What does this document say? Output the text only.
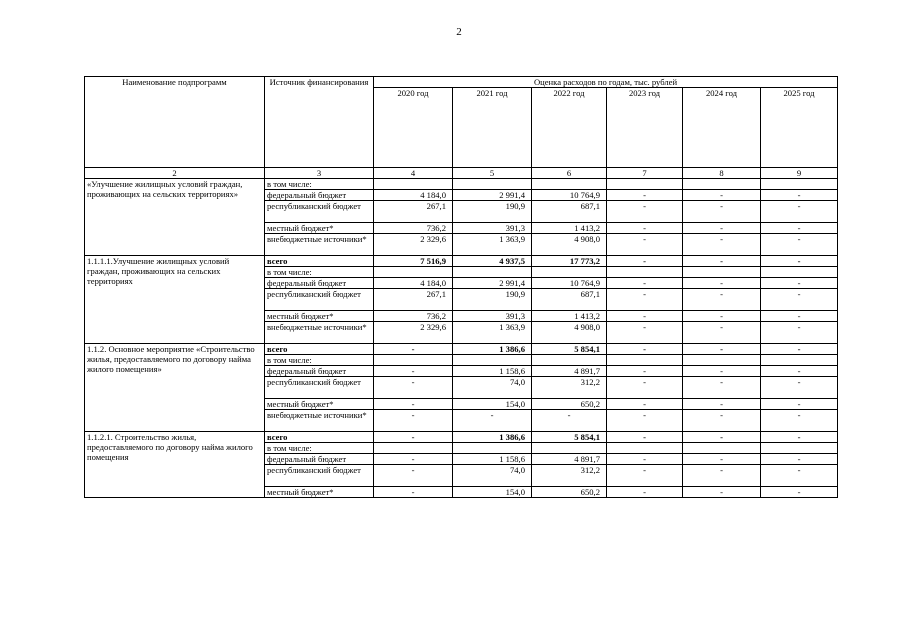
2
Наименование подпрограмм	Источник финансирования	Оценка расходов по годам, тыс. рублей					
		2020 год	2021 год	2022 год	2023 год	2024 год	2025 год
2	3	4	5	6	7	8	9
«Улучшение жилищных условий граждан, проживающих на сельских территориях»	в том числе:						
	федеральный бюджет	4 184,0	2 991,4	10 764,9	-	-	-
	республиканский бюджет	267,1	190,9	687,1	-	-	-
	местный бюджет*	736,2	391,3	1 413,2	-	-	-
	внебюджетные источники*	2 329,6	1 363,9	4 908,0	-	-	-
1.1.1.1.Улучшение жилищных условий граждан, проживающих на сельских территориях	всего	7 516,9	4 937,5	17 773,2	-	-	-
	в том числе:						
	федеральный бюджет	4 184,0	2 991,4	10 764,9	-	-	-
	республиканский бюджет	267,1	190,9	687,1	-	-	-
	местный бюджет*	736,2	391,3	1 413,2	-	-	-
	внебюджетные источники*	2 329,6	1 363,9	4 908,0	-	-	-
1.1.2. Основное мероприятие «Строительство жилья, предоставляемого по договору найма жилого помещения»	всего	-	1 386,6	5 854,1	-	-	-
	в том числе:						
	федеральный бюджет	-	1 158,6	4 891,7	-	-	-
	республиканский бюджет	-	74,0	312,2	-	-	-
	местный бюджет*	-	154,0	650,2	-	-	-
	внебюджетные источники*	-	-	-	-	-	-
1.1.2.1. Строительство жилья, предоставляемого по договору найма жилого помещения	всего	-	1 386,6	5 854,1	-	-	-
	в том числе:						
	федеральный бюджет	-	1 158,6	4 891,7	-	-	-
	республиканский бюджет	-	74,0	312,2	-	-	-
	местный бюджет*	-	154,0	650,2	-	-	-
